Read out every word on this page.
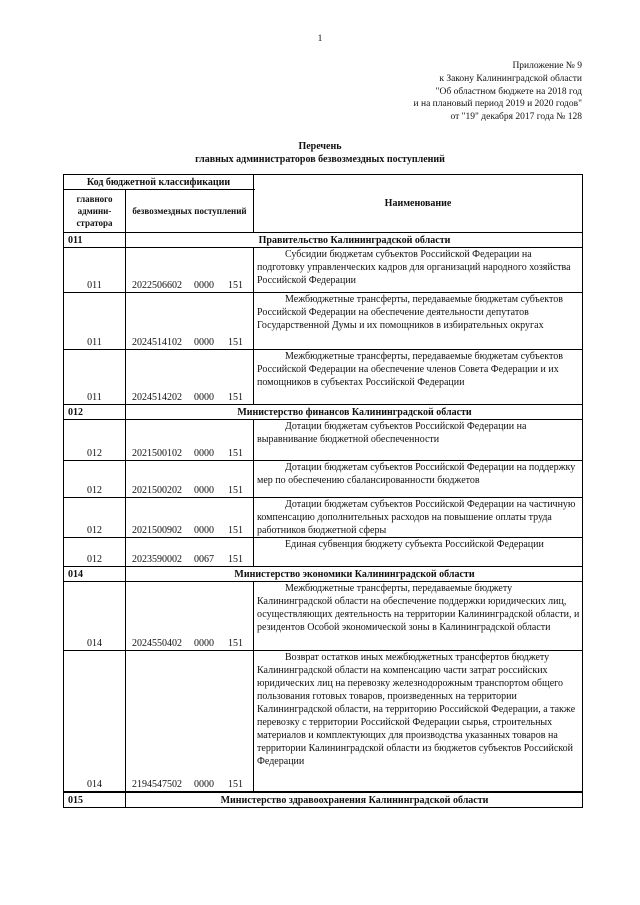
1
Приложение № 9
к Закону Калининградской области
"Об областном бюджете на 2018 год
и на плановый период 2019 и 2020 годов"
от "19" декабря 2017 года № 128
Перечень
главных администраторов безвозмездных поступлений
Код бюджетной классификации		Наименование
главного админи-стратора	безвозмездных поступлений	
011	Правительство Калининградской области	
011	2022506602 0000 151		Субсидии бюджетам субъектов Российской Федерации на подготовку управленческих кадров для организаций народного хозяйства Российской Федерации

011	2024514102 0000 151		Межбюджетные трансферты, передаваемые бюджетам субъектов Российской Федерации на обеспечение деятельности депутатов Государственной Думы и их помощников в избирательных округах

011	2024514202 0000 151		Межбюджетные трансферты, передаваемые бюджетам субъектов Российской Федерации на обеспечение членов Совета Федерации и их помощников в субъектах Российской Федерации

012	Министерство финансов Калининградской области	
012	2021500102 0000 151		Дотации бюджетам субъектов Российской Федерации на выравнивание бюджетной обеспеченности

012	2021500202 0000 151		Дотации бюджетам субъектов Российской Федерации на поддержку мер по обеспечению сбалансированности бюджетов

012	2021500902 0000 151		Дотации бюджетам субъектов Российской Федерации на частичную компенсацию дополнительных расходов на повышение оплаты труда работников бюджетной сферы

012	2023590002 0067 151		Единая субвенция бюджету субъекта Российской Федерации

014	Министерство экономики Калининградской области	
014	2024550402 0000 151		Межбюджетные трансферты, передаваемые бюджету Калининградской области на обеспечение поддержки юридических лиц, осуществляющих деятельность на территории Калининградской области, и резидентов Особой экономической зоны в Калининградской области

014	2194547502 0000 151		Возврат остатков иных межбюджетных трансфертов бюджету Калининградской области на компенсацию части затрат российских юридических лиц на перевозку железнодорожным транспортом общего пользования готовых товаров, произведенных на территории Калининградской области, на территорию Российской Федерации, а также перевозку с территории Российской Федерации сырья, строительных материалов и комплектующих для производства указанных товаров на территории Калининградской области из бюджетов субъектов Российской Федерации

015	Министерство здравоохранения Калининградской области	
